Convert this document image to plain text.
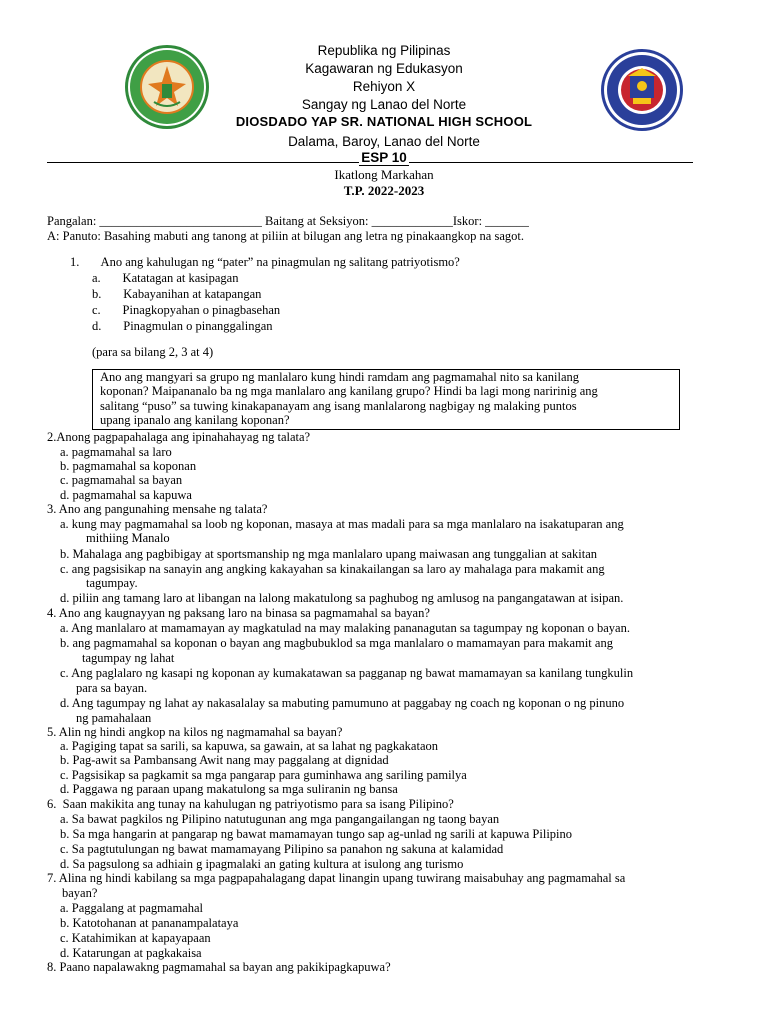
Republika ng Pilipinas
Kagawaran ng Edukasyon
Rehiyon X
Sangay ng Lanao del Norte
DIOSDADO YAP SR. NATIONAL HIGH SCHOOL
Dalama, Baroy, Lanao del Norte
ESP 10
Ikatlong Markahan
T.P. 2022-2023
Pangalan: __________________________ Baitang at Seksiyon: _____________Iskor: _______
A: Panuto: Basahing mabuti ang tanong at piliin at bilugan ang letra ng pinakaangkop na sagot.
1.       Ano ang kahulugan ng “pater” na pinagmulan ng salitang patriyotismo?
a.       Katatagan at kasipagan
b.       Kabayanihan at katapangan
c.       Pinagkopyahan o pinagbasehan
d.       Pinagmulan o pinanggalingan
(para sa bilang 2, 3 at 4)
Ano ang mangyari sa grupo ng manlalaro kung hindi ramdam ang pagmamahal nito sa kanilang
koponan? Maipananalo ba ng mga manlalaro ang kanilang grupo? Hindi ba lagi mong naririnig ang
salitang “puso” sa tuwing kinakapanayam ang isang manlalarong nagbigay ng malaking puntos
upang ipanalo ang kanilang koponan?
2.Anong pagpapahalaga ang ipinahahayag ng talata?
a. pagmamahal sa laro
b. pagmamahal sa koponan
c. pagmamahal sa bayan
d. pagmamahal sa kapuwa
3. Ano ang pangunahing mensahe ng talata?
a. kung may pagmamahal sa loob ng koponan, masaya at mas madali para sa mga manlalaro na isakatuparan ang
mithiing Manalo
b. Mahalaga ang pagbibigay at sportsmanship ng mga manlalaro upang maiwasan ang tunggalian at sakitan
c. ang pagsisikap na sanayin ang angking kakayahan sa kinakailangan sa laro ay mahalaga para makamit ang
tagumpay.
d. piliin ang tamang laro at libangan na lalong makatulong sa paghubog ng amlusog na pangangatawan at isipan.
4. Ano ang kaugnayyan ng paksang laro na binasa sa pagmamahal sa bayan?
a. Ang manlalaro at mamamayan ay magkatulad na may malaking pananagutan sa tagumpay ng koponan o bayan.
b. ang pagmamahal sa koponan o bayan ang magbubuklod sa mga manlalaro o mamamayan para makamit ang
tagumpay ng lahat
c. Ang paglalaro ng kasapi ng koponan ay kumakatawan sa pagganap ng bawat mamamayan sa kanilang tungkulin
para sa bayan.
d. Ang tagumpay ng lahat ay nakasalalay sa mabuting pamumuno at paggabay ng coach ng koponan o ng pinuno
ng pamahalaan
5. Alin ng hindi angkop na kilos ng nagmamahal sa bayan?
a. Pagiging tapat sa sarili, sa kapuwa, sa gawain, at sa lahat ng pagkakataon
b. Pag-awit sa Pambansang Awit nang may paggalang at dignidad
c. Pagsisikap sa pagkamit sa mga pangarap para guminhawa ang sariling pamilya
d. Paggawa ng paraan upang makatulong sa mga suliranin ng bansa
6.  Saan makikita ang tunay na kahulugan ng patriyotismo para sa isang Pilipino?
a. Sa bawat pagkilos ng Pilipino natutugunan ang mga pangangailangan ng taong bayan
b. Sa mga hangarin at pangarap ng bawat mamamayan tungo sap ag-unlad ng sarili at kapuwa Pilipino
c. Sa pagtutulungan ng bawat mamamayang Pilipino sa panahon ng sakuna at kalamidad
d. Sa pagsulong sa adhiain g ipagmalaki an gating kultura at isulong ang turismo
7. Alina ng hindi kabilang sa mga pagpapahalagang dapat linangin upang tuwirang maisabuhay ang pagmamahal sa
bayan?
a. Paggalang at pagmamahal
b. Katotohanan at pananampalataya
c. Katahimikan at kapayapaan
d. Katarungan at pagkakaisa
8. Paano napalawakng pagmamahal sa bayan ang pakikipagkapuwa?
